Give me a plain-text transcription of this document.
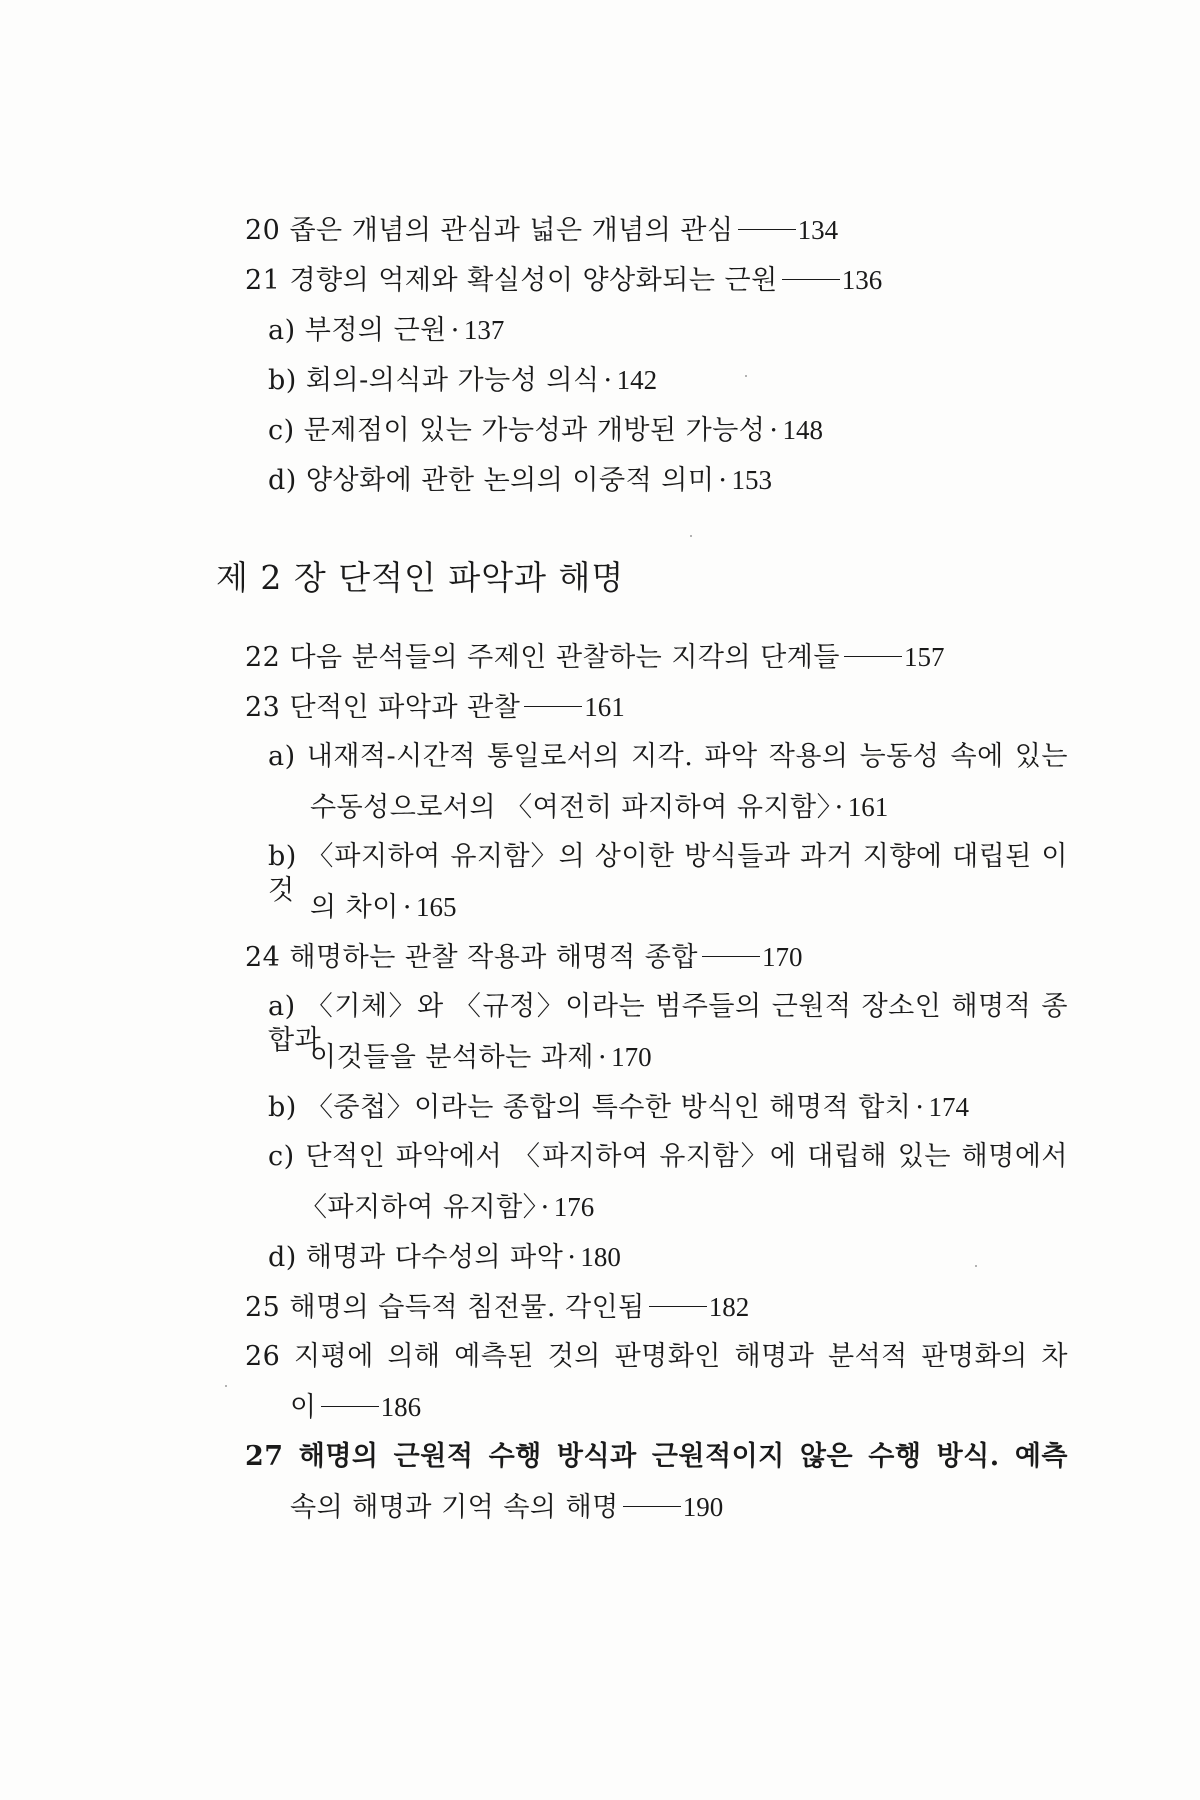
20 좁은 개념의 관심과 넓은 개념의 관심 134
21 경향의 억제와 확실성이 양상화되는 근원 136
a) 부정의 근원 · 137
b) 회의-의식과 가능성 의식 · 142
c) 문제점이 있는 가능성과 개방된 가능성 · 148
d) 양상화에 관한 논의의 이중적 의미 · 153
제 2 장 단적인 파악과 해명
22 다음 분석들의 주제인 관찰하는 지각의 단계들 157
23 단적인 파악과 관찰 161
a) 내재적-시간적 통일로서의 지각. 파악 작용의 능동성 속에 있는
수동성으로서의 〈여전히 파지하여 유지함〉 · 161
b) 〈파지하여 유지함〉의 상이한 방식들과 과거 지향에 대립된 이것
의 차이 · 165
24 해명하는 관찰 작용과 해명적 종합 170
a) 〈기체〉와 〈규정〉이라는 범주들의 근원적 장소인 해명적 종합과
이것들을 분석하는 과제 · 170
b) 〈중첩〉이라는 종합의 특수한 방식인 해명적 합치 · 174
c) 단적인 파악에서 〈파지하여 유지함〉에 대립해 있는 해명에서
〈파지하여 유지함〉 · 176
d) 해명과 다수성의 파악 · 180
25 해명의 습득적 침전물. 각인됨 182
26 지평에 의해 예측된 것의 판명화인 해명과 분석적 판명화의 차
이 186
27 해명의 근원적 수행 방식과 근원적이지 않은 수행 방식. 예측
속의 해명과 기억 속의 해명 190
